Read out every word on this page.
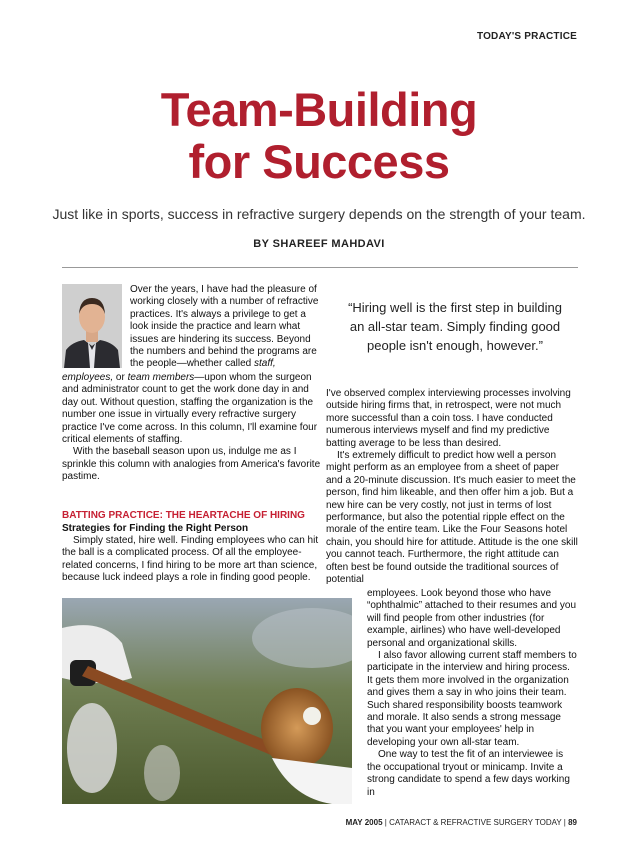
TODAY'S PRACTICE
Team-Building
for Success
Just like in sports, success in refractive surgery depends on the strength of your team.
BY SHAREEF MAHDAVI
Over the years, I have had the pleasure of working closely with a number of refractive practices. It's always a privilege to get a look inside the practice and learn what issues are hindering its success. Beyond the numbers and behind the programs are the people—whether called staff,

employees, or team members—upon whom the surgeon and administrator count to get the work done day in and day out. Without question, staffing the organization is the number one issue in virtually every refractive surgery practice I've come across. In this column, I'll examine four critical elements of staffing.

With the baseball season upon us, indulge me as I sprinkle this column with analogies from America's favorite pastime.

BATTING PRACTICE: THE HEARTACHE OF HIRING
Strategies for Finding the Right Person

Simply stated, hire well. Finding employees who can hit the ball is a complicated process. Of all the employee-related concerns, I find hiring to be more art than science, because luck indeed plays a role in finding good people.

“Hiring well is the first step in building an all-star team. Simply finding good people isn't enough, however.”

I've observed complex interviewing processes involving outside hiring firms that, in retrospect, were not much more successful than a coin toss. I have conducted numerous interviews myself and find my predictive batting average to be less than desired.

It's extremely difficult to predict how well a person might perform as an employee from a sheet of paper and a 20-minute discussion. It's much easier to meet the person, find him likeable, and then offer him a job. But a new hire can be very costly, not just in terms of lost performance, but also the potential ripple effect on the morale of the entire team. Like the Four Seasons hotel chain, you should hire for attitude. Attitude is the one skill you cannot teach. Furthermore, the right attitude can often best be found outside the traditional sources of potential

employees. Look beyond those who have “ophthalmic” attached to their resumes and you will find people from other industries (for example, airlines) who have well-developed personal and organizational skills.

I also favor allowing current staff members to participate in the interview and hiring process. It gets them more involved in the organization and gives them a say in who joins their team. Such shared responsibility boosts teamwork and morale. It also sends a strong message that you want your employees' help in developing your own all-star team.

One way to test the fit of an interviewee is the occupational tryout or minicamp. Invite a strong candidate to spend a few days working in

MAY 2005 | CATARACT & REFRACTIVE SURGERY TODAY | 89
